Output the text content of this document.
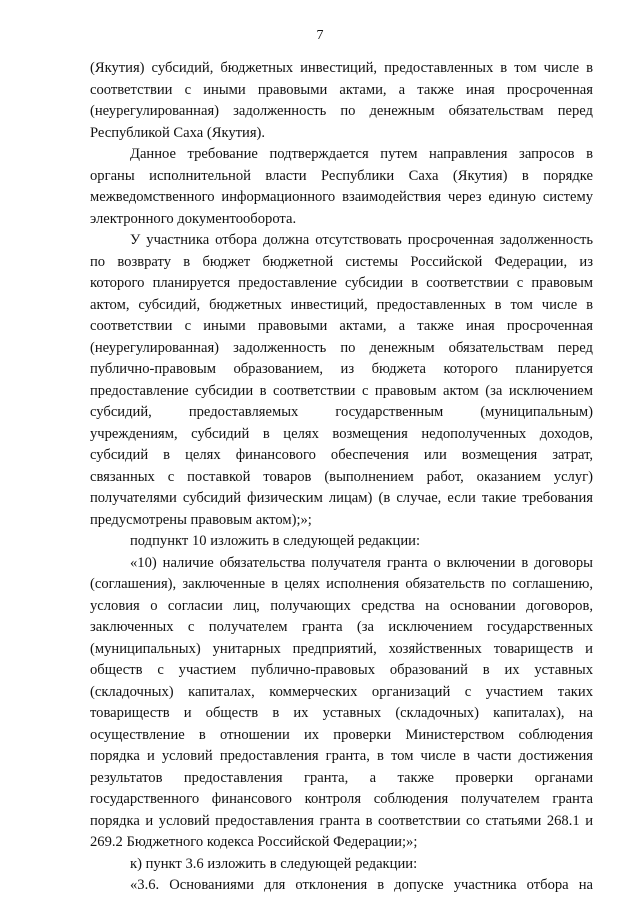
7
(Якутия) субсидий, бюджетных инвестиций, предоставленных в том числе в
соответствии с иными правовыми актами, а также иная просроченная
(неурегулированная) задолженность по денежным обязательствам перед
Республикой Саха (Якутия).
Данное требование подтверждается путем направления запросов в
органы исполнительной власти Республики Саха (Якутия) в порядке
межведомственного информационного взаимодействия через единую систему
электронного документооборота.
У участника отбора должна отсутствовать просроченная задолженность
по возврату в бюджет бюджетной системы Российской Федерации, из
которого планируется предоставление субсидии в соответствии с правовым
актом, субсидий, бюджетных инвестиций, предоставленных в том числе в
соответствии с иными правовыми актами, а также иная просроченная
(неурегулированная) задолженность по денежным обязательствам перед
публично-правовым образованием, из бюджета которого планируется
предоставление субсидии в соответствии с правовым актом (за исключением
субсидий, предоставляемых государственным (муниципальным)
учреждениям, субсидий в целях возмещения недополученных доходов,
субсидий в целях финансового обеспечения или возмещения затрат,
связанных с поставкой товаров (выполнением работ, оказанием услуг)
получателями субсидий физическим лицам) (в случае, если такие требования
предусмотрены правовым актом);»;
подпункт 10 изложить в следующей редакции:
«10) наличие обязательства получателя гранта о включении в договоры
(соглашения), заключенные в целях исполнения обязательств по соглашению,
условия о согласии лиц, получающих средства на основании договоров,
заключенных с получателем гранта (за исключением государственных
(муниципальных) унитарных предприятий, хозяйственных товариществ и
обществ с участием публично-правовых образований в их уставных
(складочных) капиталах, коммерческих организаций с участием таких
товариществ и обществ в их уставных (складочных) капиталах), на
осуществление в отношении их проверки Министерством соблюдения
порядка и условий предоставления гранта, в том числе в части достижения
результатов предоставления гранта, а также проверки органами
государственного финансового контроля соблюдения получателем гранта
порядка и условий предоставления гранта в соответствии со статьями 268.1 и
269.2 Бюджетного кодекса Российской Федерации;»;
к) пункт 3.6 изложить в следующей редакции:
«3.6. Основаниями для отклонения в допуске участника отбора на
